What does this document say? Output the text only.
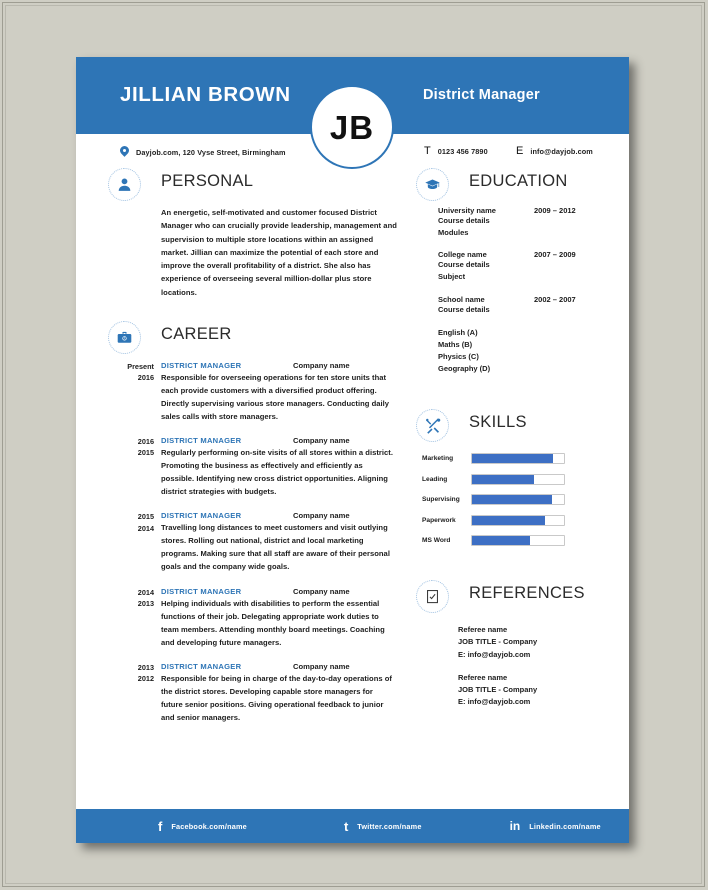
JILLIAN BROWN	District Manager
JB
Dayjob.com, 120 Vyse Street, Birmingham	T 0123 456 7890	E info@dayjob.com
PERSONAL
An energetic, self-motivated and customer focused District Manager who can crucially provide leadership, management and supervision to multiple store locations within an assigned market. Jillian can maximize the potential of each store and improve the overall profitability of a district. She also has experience of overseeing several million-dollar plus store locations.
CAREER
Present
2016
DISTRICT MANAGER	Company name
Responsible for overseeing operations for ten store units that each provide customers with a diversified product offering. Directly supervising various store managers. Conducting daily sales calls with store managers.
2016
2015
DISTRICT MANAGER	Company name
Regularly performing on-site visits of all stores within a district. Promoting the business as effectively and efficiently as possible. Identifying new cross district opportunities. Aligning district strategies with budgets.
2015
2014
DISTRICT MANAGER	Company name
Travelling long distances to meet customers and visit outlying stores. Rolling out national, district and local marketing programs. Making sure that all staff are aware of their personal goals and the company wide goals.
2014
2013
DISTRICT MANAGER	Company name
Helping individuals with disabilities to perform the essential functions of their job. Delegating appropriate work duties to team members. Attending monthly board meetings. Coaching and developing future managers.
2013
2012
DISTRICT MANAGER	Company name
Responsible for being in charge of the day-to-day operations of the district stores. Developing capable store managers for future senior positions. Giving operational feedback to junior and senior managers.
EDUCATION
University name	2009 – 2012
Course details
Modules
College name	2007 – 2009
Course details
Subject
School name	2002 – 2007
Course details
English (A)
Maths (B)
Physics (C)
Geography (D)
SKILLS
Marketing
Leading
Supervising
Paperwork
MS Word
REFERENCES
Referee name
JOB TITLE - Company
E: info@dayjob.com
Referee name
JOB TITLE - Company
E: info@dayjob.com
f Facebook.com/name	t Twitter.com/name	in Linkedin.com/name
